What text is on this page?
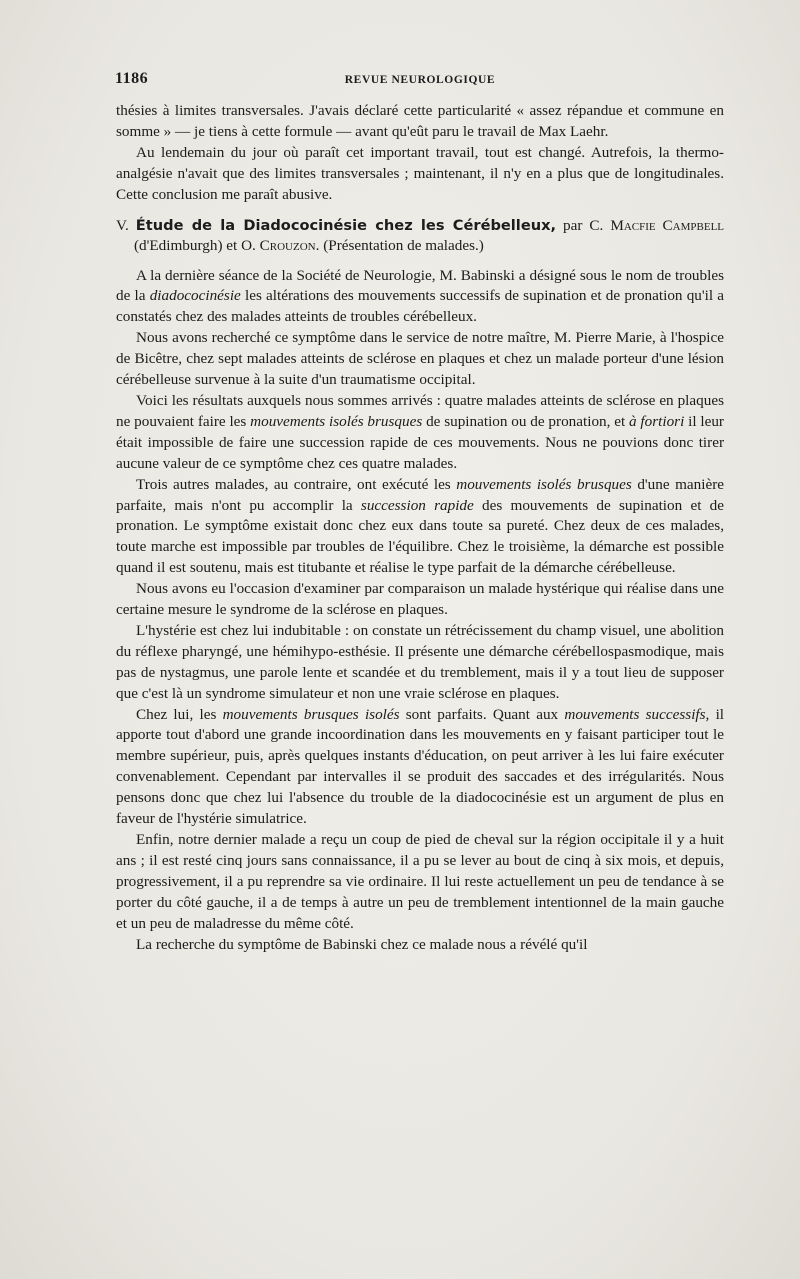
1186	REVUE NEUROLOGIQUE

thésies à limites transversales. J'avais déclaré cette particularité « assez répandue et commune en somme » — je tiens à cette formule — avant qu'eût paru le travail de Max Laehr.

Au lendemain du jour où paraît cet important travail, tout est changé. Autrefois, la thermo-analgésie n'avait que des limites transversales ; maintenant, il n'y en a plus que de longitudinales. Cette conclusion me paraît abusive.

V. Étude de la Diadococinésie chez les Cérébelleux, par C. Macfie Campbell (d'Edimburgh) et O. Crouzon. (Présentation de malades.)

A la dernière séance de la Société de Neurologie, M. Babinski a désigné sous le nom de troubles de la diadococinésie les altérations des mouvements successifs de supination et de pronation qu'il a constatés chez des malades atteints de troubles cérébelleux.

Nous avons recherché ce symptôme dans le service de notre maître, M. Pierre Marie, à l'hospice de Bicêtre, chez sept malades atteints de sclérose en plaques et chez un malade porteur d'une lésion cérébelleuse survenue à la suite d'un traumatisme occipital.

Voici les résultats auxquels nous sommes arrivés : quatre malades atteints de sclérose en plaques ne pouvaient faire les mouvements isolés brusques de supination ou de pronation, et à fortiori il leur était impossible de faire une succession rapide de ces mouvements. Nous ne pouvions donc tirer aucune valeur de ce symptôme chez ces quatre malades.

Trois autres malades, au contraire, ont exécuté les mouvements isolés brusques d'une manière parfaite, mais n'ont pu accomplir la succession rapide des mouvements de supination et de pronation. Le symptôme existait donc chez eux dans toute sa pureté. Chez deux de ces malades, toute marche est impossible par troubles de l'équilibre. Chez le troisième, la démarche est possible quand il est soutenu, mais est titubante et réalise le type parfait de la démarche cérébelleuse.

Nous avons eu l'occasion d'examiner par comparaison un malade hystérique qui réalise dans une certaine mesure le syndrome de la sclérose en plaques.

L'hystérie est chez lui indubitable : on constate un rétrécissement du champ visuel, une abolition du réflexe pharyngé, une hémihypo-esthésie. Il présente une démarche cérébellospasmodique, mais pas de nystagmus, une parole lente et scandée et du tremblement, mais il y a tout lieu de supposer que c'est là un syndrome simulateur et non une vraie sclérose en plaques.

Chez lui, les mouvements brusques isolés sont parfaits. Quant aux mouvements successifs, il apporte tout d'abord une grande incoordination dans les mouvements en y faisant participer tout le membre supérieur, puis, après quelques instants d'éducation, on peut arriver à les lui faire exécuter convenablement. Cependant par intervalles il se produit des saccades et des irrégularités. Nous pensons donc que chez lui l'absence du trouble de la diadococinésie est un argument de plus en faveur de l'hystérie simulatrice.

Enfin, notre dernier malade a reçu un coup de pied de cheval sur la région occipitale il y a huit ans ; il est resté cinq jours sans connaissance, il a pu se lever au bout de cinq à six mois, et depuis, progressivement, il a pu reprendre sa vie ordinaire. Il lui reste actuellement un peu de tendance à se porter du côté gauche, il a de temps à autre un peu de tremblement intentionnel de la main gauche et un peu de maladresse du même côté.

La recherche du symptôme de Babinski chez ce malade nous a révélé qu'il
